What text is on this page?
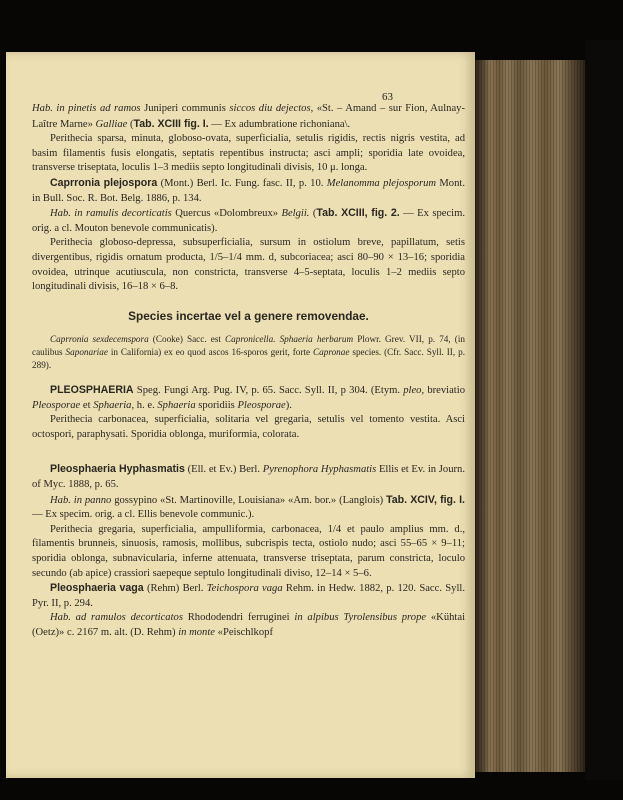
63

Hab. in pinetis ad ramos Juniperi communis siccos diu dejectos, «St. – Amand – sur Fion, Aulnay-Laître Marne» Galliae (Tab. XCIII fig. I. — Ex adumbratione richoniana\.

Perithecia sparsa, minuta, globoso-ovata, superficialia, setulis rigidis, rectis nigris vestita, ad basim filamentis fusis elongatis, septatis repentibus instructa; asci ampli; sporidia late ovoidea, transverse triseptata, loculis 1–3 mediis septo longitudinali divisis, 10 μ. longa.

Caprronia plejospora (Mont.) Berl. Ic. Fung. fasc. II, p. 10. Melanomma plejosporum Mont. in Bull. Soc. R. Bot. Belg. 1886, p. 134.

Hab. in ramulis decorticatis Quercus «Dolombreux» Belgii. (Tab. XCIII, fig. 2. — Ex specim. orig. a cl. Mouton benevole communicatis).

Perithecia globoso-depressa, subsuperficialia, sursum in ostiolum breve, papillatum, setis divergentibus, rigidis ornatum producta, 1/5–1/4 mm. d, subcoriacea; asci 80–90 × 13–16; sporidia ovoidea, utrinque acutiuscula, non constricta, transverse 4–5-septata, loculis 1–2 mediis septo longitudinali divisis, 16–18 × 6–8.

Species incertae vel a genere removendae.

Caprronia sexdecemspora (Cooke) Sacc. est Capronicella. Sphaeria herbarum Plowr. Grev. VII, p. 74, (in caulibus Saponariae in California) ex eo quod ascos 16-sporos gerit, forte Capronae species. (Cfr. Sacc. Syll. II, p. 289).

PLEOSPHAERIA Speg. Fungi Arg. Pug. IV, p. 65. Sacc. Syll. II, p 304. (Etym. pleo, breviatio Pleosporae et Sphaeria, h. e. Sphaeria sporidiis Pleosporae).

Perithecia carbonacea, superficialia, solitaria vel gregaria, setulis vel tomento vestita. Asci octospori, paraphysati. Sporidia oblonga, muriformia, colorata.

Pleosphaeria Hyphasmatis (Ell. et Ev.) Berl. Pyrenophora Hyphasmatis Ellis et Ev. in Journ. of Myc. 1888, p. 65.

Hab. in panno gossypino «St. Martinoville, Louisiana» «Am. bor.» (Langlois) Tab. XCIV, fig. I. — Ex specim. orig. a cl. Ellis benevole communic.).

Perithecia gregaria, superficialia, ampulliformia, carbonacea, 1/4 et paulo amplius mm. d., filamentis brunneis, sinuosis, ramosis, mollibus, subcrispis tecta, ostiolo nudo; asci 55–65 × 9–11; sporidia oblonga, subnavicularia, inferne attenuata, transverse triseptata, parum constricta, loculo secundo (ab apice) crassiori saepeque septulo longitudinali diviso, 12–14 × 5–6.

Pleosphaeria vaga (Rehm) Berl. Teichospora vaga Rehm. in Hedw. 1882, p. 120. Sacc. Syll. Pyr. II, p. 294.

Hab. ad ramulos decorticatos Rhododendri ferruginei in alpibus Tyrolensibus prope «Kühtai (Oetz)» c. 2167 m. alt. (D. Rehm) in monte «Peischlkopf
